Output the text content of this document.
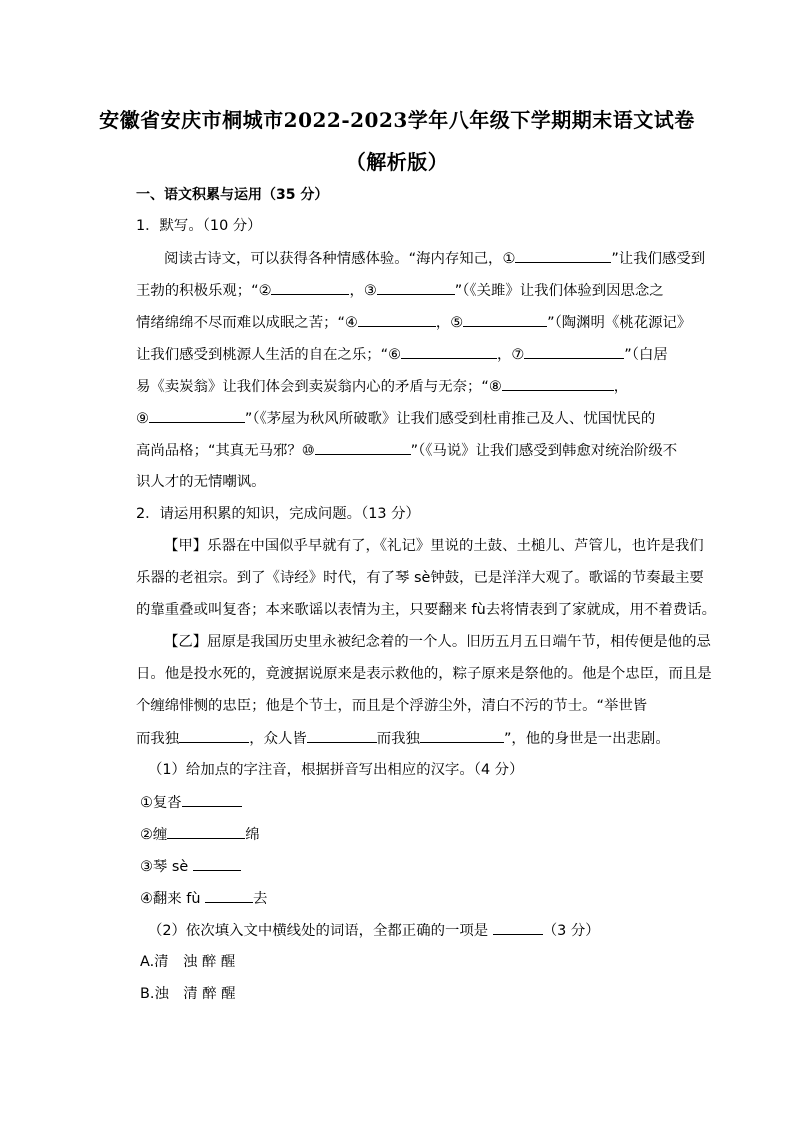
安徽省安庆市桐城市2022-2023学年八年级下学期期末语文试卷
（解析版）
一、语文积累与运用（35 分）
1．默写。（10 分）
阅读古诗文，可以获得各种情感体验。“海内存知己，①	”让我们感受到
王勃的积极乐观；“②	，③	”（《关雎》让我们体验到因思念之
情绪绵绵不尽而难以成眠之苦；“④	，⑤	”（陶渊明《桃花源记》
让我们感受到桃源人生活的自在之乐；“⑥	，⑦	”（白居
易《卖炭翁》让我们体会到卖炭翁内心的矛盾与无奈；“⑧	，
⑨	”（《茅屋为秋风所破歌》让我们感受到杜甫推己及人、忧国忧民的
高尚品格；“其真无马邪？⑩	”（《马说》让我们感受到韩愈对统治阶级不
识人才的无情嘲讽。
2．请运用积累的知识，完成问题。（13 分）
【甲】乐器在中国似乎早就有了，《礼记》里说的土鼓、土槌儿、芦管儿，也许是我们
乐器的老祖宗。到了《诗经》时代，有了琴 sè钟鼓，已是洋洋大观了。歌谣的节奏最主要
的靠重叠或叫复沓；本来歌谣以表情为主，只要翻来 fù去将情表到了家就成，用不着费话。
【乙】屈原是我国历史里永被纪念着的一个人。旧历五月五日端午节，相传便是他的忌
日。他是投水死的，竟渡据说原来是表示救他的，粽子原来是祭他的。他是个忠臣，而且是
个缠绵悱恻的忠臣；他是个节士，而且是个浮游尘外，清白不污的节士。“举世皆
而我独	，众人皆	而我独	”，他的身世是一出悲剧。
（1）给加点的字注音，根据拼音写出相应的汉字。（4 分）
①复沓
②缠	绵
③琴 sè
④翻来 fù	去
（2）依次填入文中横线处的词语，全都正确的一项是	（3 分）
A.清　浊 醉 醒
B.浊　清 醉 醒
